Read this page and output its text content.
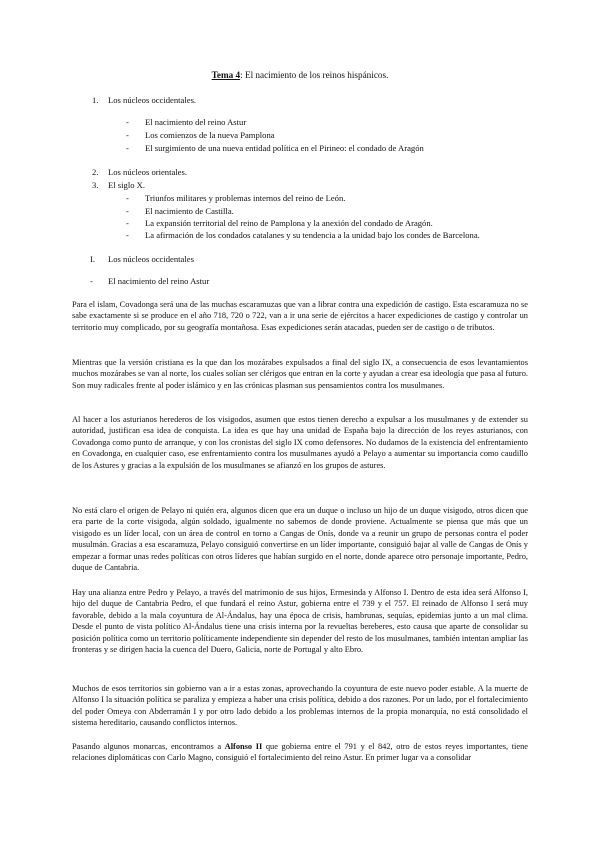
Tema 4: El nacimiento de los reinos hispánicos.
1. Los núcleos occidentales.
- El nacimiento del reino Astur
- Los comienzos de la nueva Pamplona
- El surgimiento de una nueva entidad política en el Pirineo: el condado de Aragón
2. Los núcleos orientales.
3. El siglo X.
- Triunfos militares y problemas internos del reino de León.
- El nacimiento de Castilla.
- La expansión territorial del reino de Pamplona y la anexión del condado de Aragón.
- La afirmación de los condados catalanes y su tendencia a la unidad bajo los condes de Barcelona.
I. Los núcleos occidentales
- El nacimiento del reino Astur
Para el islam, Covadonga será una de las muchas escaramuzas que van a librar contra una expedición de castigo. Esta escaramuza no se sabe exactamente si se produce en el año 718, 720 o 722, van a ir una serie de ejércitos a hacer expediciones de castigo y controlar un territorio muy complicado, por su geografía montañosa. Esas expediciones serán atacadas, pueden ser de castigo o de tributos.
Mientras que la versión cristiana es la que dan los mozárabes expulsados a final del siglo IX, a consecuencia de esos levantamientos muchos mozárabes se van al norte, los cuales solían ser clérigos que entran en la corte y ayudan a crear esa ideología que pasa al futuro. Son muy radicales frente al poder islámico y en las crónicas plasman sus pensamientos contra los musulmanes.
Al hacer a los asturianos herederos de los visigodos, asumen que estos tienen derecho a expulsar a los musulmanes y de extender su autoridad, justifican esa idea de conquista. La idea es que hay una unidad de España bajo la dirección de los reyes asturianos, con Covadonga como punto de arranque, y con los cronistas del siglo IX como defensores. No dudamos de la existencia del enfrentamiento en Covadonga, en cualquier caso, ese enfrentamiento contra los musulmanes ayudó a Pelayo a aumentar su importancia como caudillo de los Astures y gracias a la expulsión de los musulmanes se afianzó en los grupos de astures.
No está claro el origen de Pelayo ni quién era, algunos dicen que era un duque o incluso un hijo de un duque visigodo, otros dicen que era parte de la corte visigoda, algún soldado, igualmente no sabemos de donde proviene. Actualmente se piensa que más que un visigodo es un líder local, con un área de control en torno a Cangas de Onís, donde va a reunir un grupo de personas contra el poder musulmán. Gracias a esa escaramuza, Pelayo consiguió convertirse en un líder importante, consiguió bajar al valle de Cangas de Onís y empezar a formar unas redes políticas con otros líderes que habían surgido en el norte, donde aparece otro personaje importante, Pedro, duque de Cantabria.
Hay una alianza entre Pedro y Pelayo, a través del matrimonio de sus hijos, Ermesinda y Alfonso I. Dentro de esta idea será Alfonso I, hijo del duque de Cantabria Pedro, el que fundará el reino Astur, gobierna entre el 739 y el 757. El reinado de Alfonso I será muy favorable, debido a la mala coyuntura de Al-Ándalus, hay una época de crisis, hambrunas, sequías, epidemias junto a un mal clima. Desde el punto de vista político Al-Ándalus tiene una crisis interna por la revueltas bereberes, esto causa que aparte de consolidar su posición política como un territorio políticamente independiente sin depender del resto de los musulmanes, también intentan ampliar las fronteras y se dirigen hacia la cuenca del Duero, Galicia, norte de Portugal y alto Ebro.
Muchos de esos territorios sin gobierno van a ir a estas zonas, aprovechando la coyuntura de este nuevo poder estable. A la muerte de Alfonso I la situación política se paraliza y empieza a haber una crisis política, debido a dos razones. Por un lado, por el fortalecimiento del poder Omeya con Abderramán I y por otro lado debido a los problemas internos de la propia monarquía, no está consolidado el sistema hereditario, causando conflictos internos.
Pasando algunos monarcas, encontramos a Alfonso II que gobierna entre el 791 y el 842, otro de estos reyes importantes, tiene relaciones diplomáticas con Carlo Magno, consiguió el fortalecimiento del reino Astur. En primer lugar va a consolidar
